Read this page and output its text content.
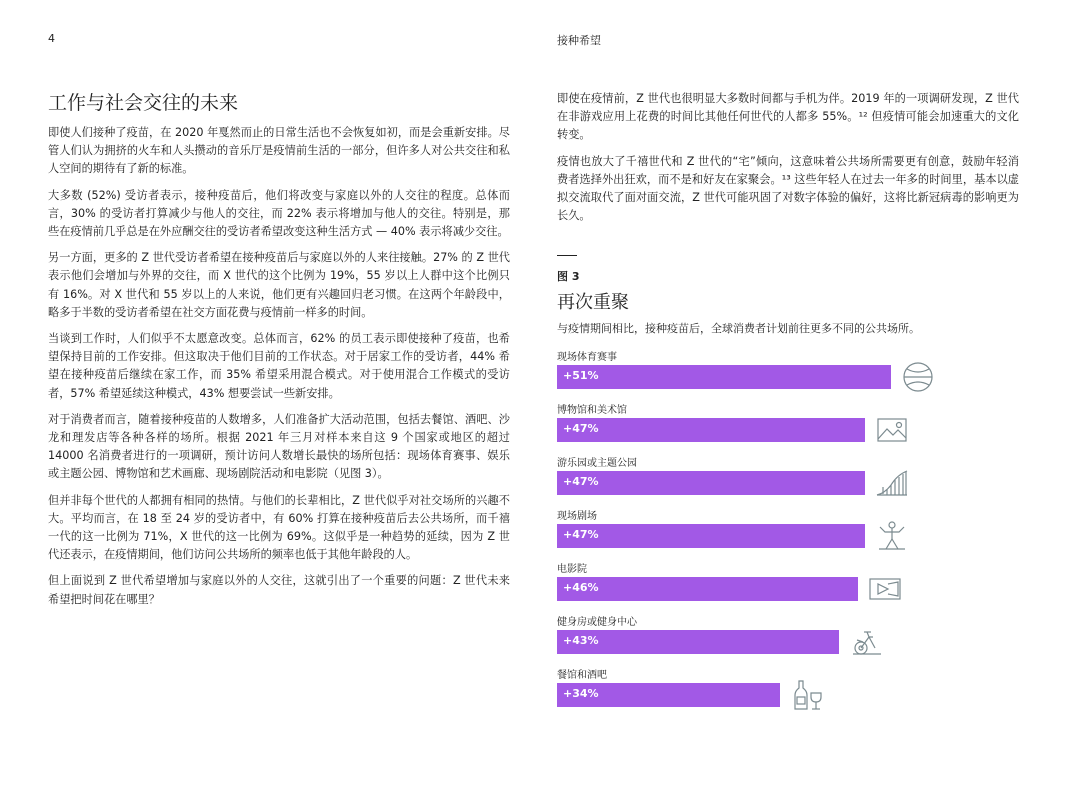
4	接种希望
工作与社会交往的未来

即使人们接种了疫苗，在 2020 年戛然而止的日常生活也不会恢复如初，而是会重新安排。尽管人们认为拥挤的火车和人头攒动的音乐厅是疫情前生活的一部分，但许多人对公共交往和私人空间的期待有了新的标准。

大多数 (52%) 受访者表示，接种疫苗后，他们将改变与家庭以外的人交往的程度。总体而言，30% 的受访者打算减少与他人的交往，而 22% 表示将增加与他人的交往。特别是，那些在疫情前几乎总是在外应酬交往的受访者希望改变这种生活方式 — 40% 表示将减少交往。

另一方面，更多的 Z 世代受访者希望在接种疫苗后与家庭以外的人来往接触。27% 的 Z 世代表示他们会增加与外界的交往，而 X 世代的这个比例为 19%，55 岁以上人群中这个比例只有 16%。对 X 世代和 55 岁以上的人来说，他们更有兴趣回归老习惯。在这两个年龄段中，略多于半数的受访者希望在社交方面花费与疫情前一样多的时间。

当谈到工作时，人们似乎不太愿意改变。总体而言，62% 的员工表示即使接种了疫苗，也希望保持目前的工作安排。但这取决于他们目前的工作状态。对于居家工作的受访者，44% 希望在接种疫苗后继续在家工作，而 35% 希望采用混合模式。对于使用混合工作模式的受访者，57% 希望延续这种模式，43% 想要尝试一些新安排。

对于消费者而言，随着接种疫苗的人数增多，人们准备扩大活动范围，包括去餐馆、酒吧、沙龙和理发店等各种各样的场所。根据 2021 年三月对样本来自这 9 个国家或地区的超过 14000 名消费者进行的一项调研，预计访问人数增长最快的场所包括：现场体育赛事、娱乐或主题公园、博物馆和艺术画廊、现场剧院活动和电影院（见图 3）。

但并非每个世代的人都拥有相同的热情。与他们的长辈相比，Z 世代似乎对社交场所的兴趣不大。平均而言，在 18 至 24 岁的受访者中，有 60% 打算在接种疫苗后去公共场所，而千禧一代的这一比例为 71%，X 世代的这一比例为 69%。这似乎是一种趋势的延续，因为 Z 世代还表示，在疫情期间，他们访问公共场所的频率也低于其他年龄段的人。

但上面说到 Z 世代希望增加与家庭以外的人交往，这就引出了一个重要的问题：Z 世代未来希望把时间花在哪里？

即使在疫情前，Z 世代也很明显大多数时间都与手机为伴。2019 年的一项调研发现，Z 世代在非游戏应用上花费的时间比其他任何世代的人都多 55%。¹² 但疫情可能会加速重大的文化转变。

疫情也放大了千禧世代和 Z 世代的“宅”倾向，这意味着公共场所需要更有创意，鼓励年轻消费者选择外出狂欢，而不是和好友在家聚会。¹³ 这些年轻人在过去一年多的时间里，基本以虚拟交流取代了面对面交流，Z 世代可能巩固了对数字体验的偏好，这将比新冠病毒的影响更为长久。

图 3
再次重聚
与疫情期间相比，接种疫苗后，全球消费者计划前往更多不同的公共场所。
现场体育赛事
+51%
博物馆和美术馆
+47%
游乐园或主题公园
+47%
现场剧场
+47%
电影院
+46%
健身房或健身中心
+43%
餐馆和酒吧
+34%
